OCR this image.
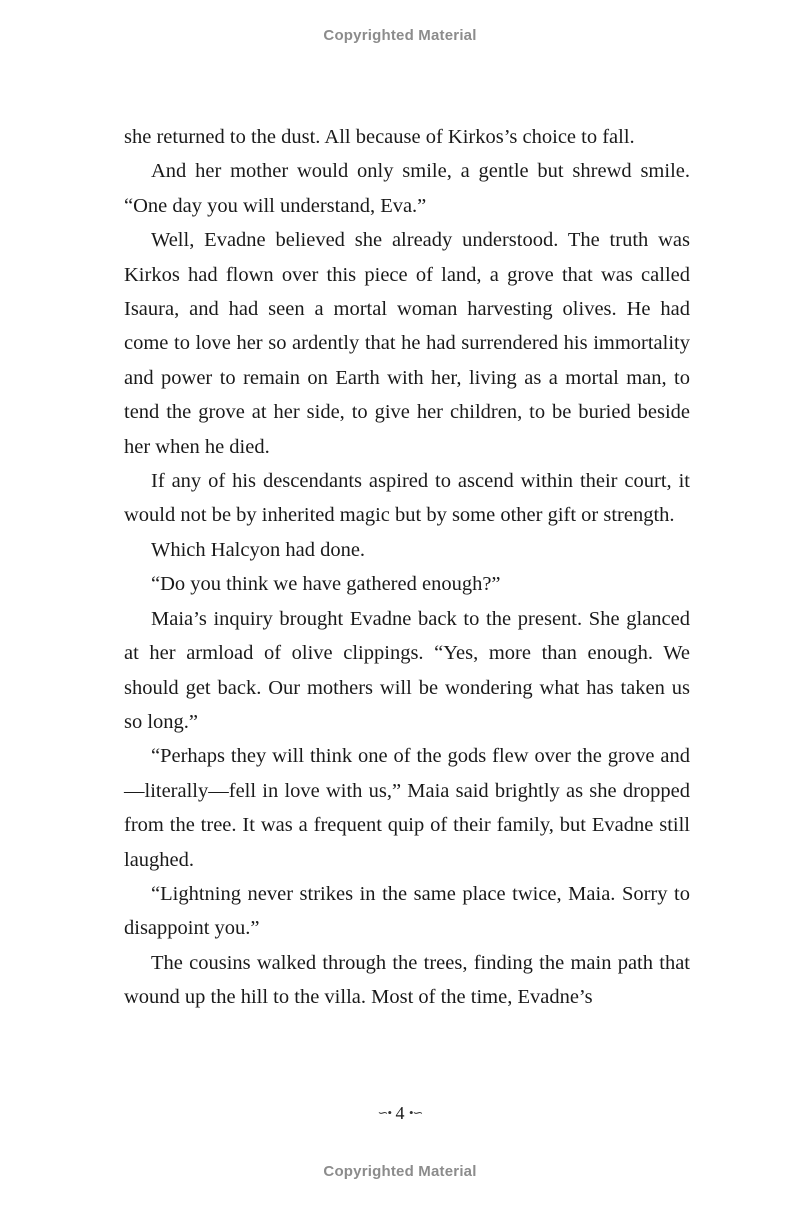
Copyrighted Material

she returned to the dust. All because of Kirkos’s choice to fall.

And her mother would only smile, a gentle but shrewd smile. “One day you will understand, Eva.”

Well, Evadne believed she already understood. The truth was Kirkos had flown over this piece of land, a grove that was called Isaura, and had seen a mortal woman harvesting olives. He had come to love her so ardently that he had surrendered his immortality and power to remain on Earth with her, living as a mortal man, to tend the grove at her side, to give her children, to be buried beside her when he died.

If any of his descendants aspired to ascend within their court, it would not be by inherited magic but by some other gift or strength.

Which Halcyon had done.

“Do you think we have gathered enough?”

Maia’s inquiry brought Evadne back to the present. She glanced at her armload of olive clippings. “Yes, more than enough. We should get back. Our mothers will be wondering what has taken us so long.”

“Perhaps they will think one of the gods flew over the grove and—literally—fell in love with us,” Maia said brightly as she dropped from the tree. It was a frequent quip of their family, but Evadne still laughed.

“Lightning never strikes in the same place twice, Maia. Sorry to disappoint you.”

The cousins walked through the trees, finding the main path that wound up the hill to the villa. Most of the time, Evadne’s

∽• 4 •∽
Copyrighted Material
